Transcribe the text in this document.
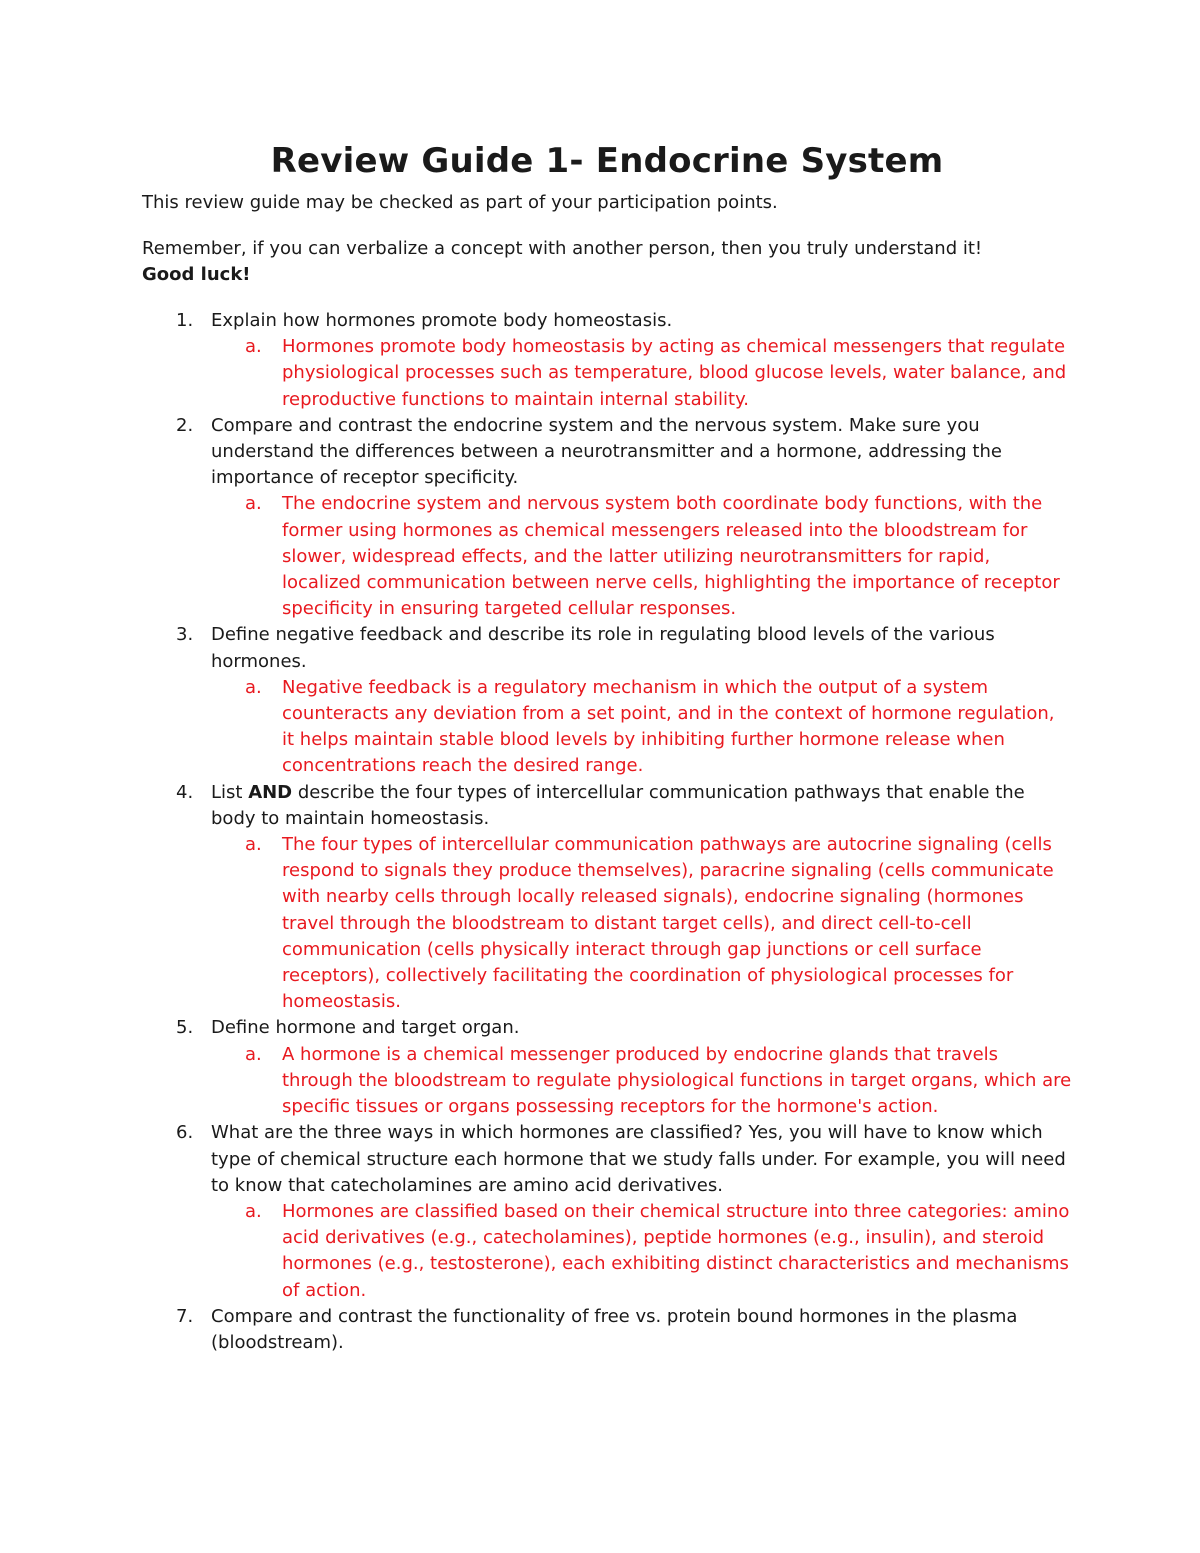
Review Guide 1- Endocrine System

This review guide may be checked as part of your participation points.

Remember, if you can verbalize a concept with another person, then you truly understand it!

Good luck!

1. Explain how hormones promote body homeostasis.
a. Hormones promote body homeostasis by acting as chemical messengers that regulate physiological processes such as temperature, blood glucose levels, water balance, and reproductive functions to maintain internal stability.
2. Compare and contrast the endocrine system and the nervous system. Make sure you understand the differences between a neurotransmitter and a hormone, addressing the importance of receptor specificity.
a. The endocrine system and nervous system both coordinate body functions, with the former using hormones as chemical messengers released into the bloodstream for slower, widespread effects, and the latter utilizing neurotransmitters for rapid, localized communication between nerve cells, highlighting the importance of receptor specificity in ensuring targeted cellular responses.
3. Define negative feedback and describe its role in regulating blood levels of the various hormones.
a. Negative feedback is a regulatory mechanism in which the output of a system counteracts any deviation from a set point, and in the context of hormone regulation, it helps maintain stable blood levels by inhibiting further hormone release when concentrations reach the desired range.
4. List AND describe the four types of intercellular communication pathways that enable the body to maintain homeostasis.
a. The four types of intercellular communication pathways are autocrine signaling (cells respond to signals they produce themselves), paracrine signaling (cells communicate with nearby cells through locally released signals), endocrine signaling (hormones travel through the bloodstream to distant target cells), and direct cell-to-cell communication (cells physically interact through gap junctions or cell surface receptors), collectively facilitating the coordination of physiological processes for homeostasis.
5. Define hormone and target organ.
a. A hormone is a chemical messenger produced by endocrine glands that travels through the bloodstream to regulate physiological functions in target organs, which are specific tissues or organs possessing receptors for the hormone's action.
6. What are the three ways in which hormones are classified? Yes, you will have to know which type of chemical structure each hormone that we study falls under. For example, you will need to know that catecholamines are amino acid derivatives.
a. Hormones are classified based on their chemical structure into three categories: amino acid derivatives (e.g., catecholamines), peptide hormones (e.g., insulin), and steroid hormones (e.g., testosterone), each exhibiting distinct characteristics and mechanisms of action.
7. Compare and contrast the functionality of free vs. protein bound hormones in the plasma (bloodstream).
